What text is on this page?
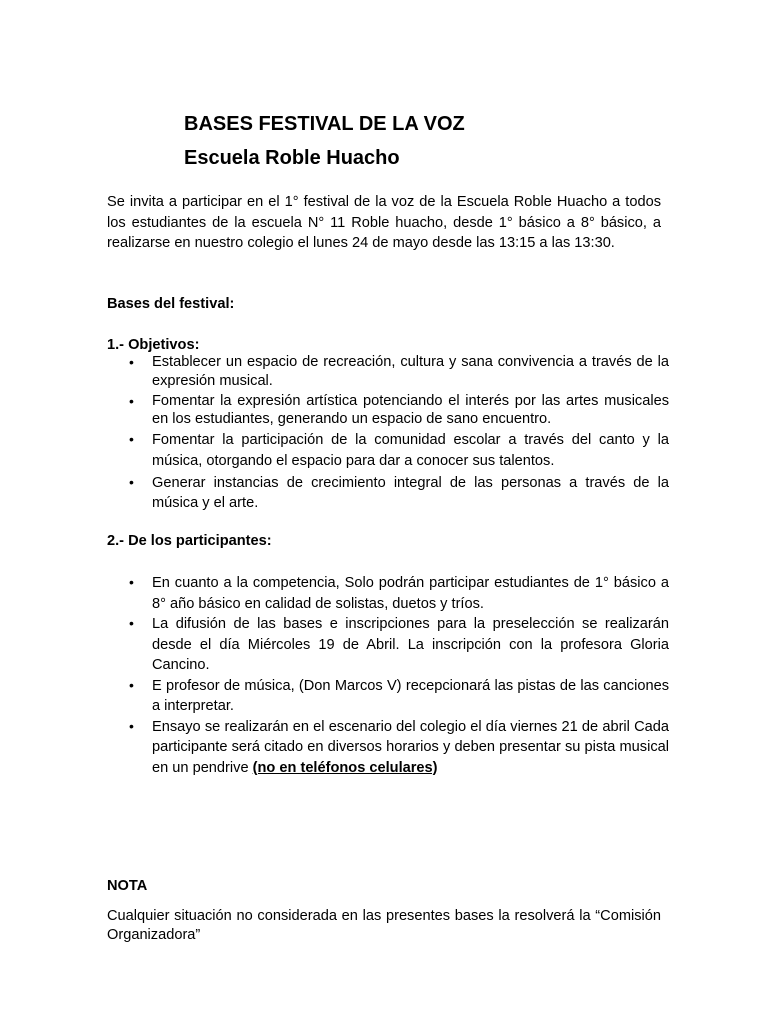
BASES FESTIVAL DE LA VOZ
Escuela Roble Huacho

Se invita a participar en el 1° festival de la voz de la Escuela Roble Huacho a todos los estudiantes de la escuela N° 11 Roble huacho, desde 1° básico a 8° básico, a realizarse en nuestro colegio el lunes 24 de mayo desde las 13:15 a las 13:30.

Bases del festival:

1.- Objetivos:

• Establecer un espacio de recreación, cultura y sana convivencia a través de la expresión musical.
• Fomentar la expresión artística potenciando el interés por las artes musicales en los estudiantes, generando un espacio de sano encuentro.
• Fomentar la participación de la comunidad escolar a través del canto y la música, otorgando el espacio para dar a conocer sus talentos.
• Generar instancias de crecimiento integral de las personas a través de la música y el arte.

2.- De los participantes:

• En cuanto a la competencia, Solo podrán participar estudiantes de 1° básico a 8° año básico en calidad de solistas, duetos y tríos.
• La difusión de las bases e inscripciones para la preselección se realizarán desde el día Miércoles 19 de Abril. La inscripción con la profesora Gloria Cancino.
• E profesor de música, (Don Marcos V) recepcionará las pistas de las canciones a interpretar.
• Ensayo se realizarán en el escenario del colegio el día viernes 21 de abril Cada participante será citado en diversos horarios y deben presentar su pista musical en un pendrive (no en teléfonos celulares)

NOTA

Cualquier situación no considerada en las presentes bases la resolverá la “Comisión Organizadora”
